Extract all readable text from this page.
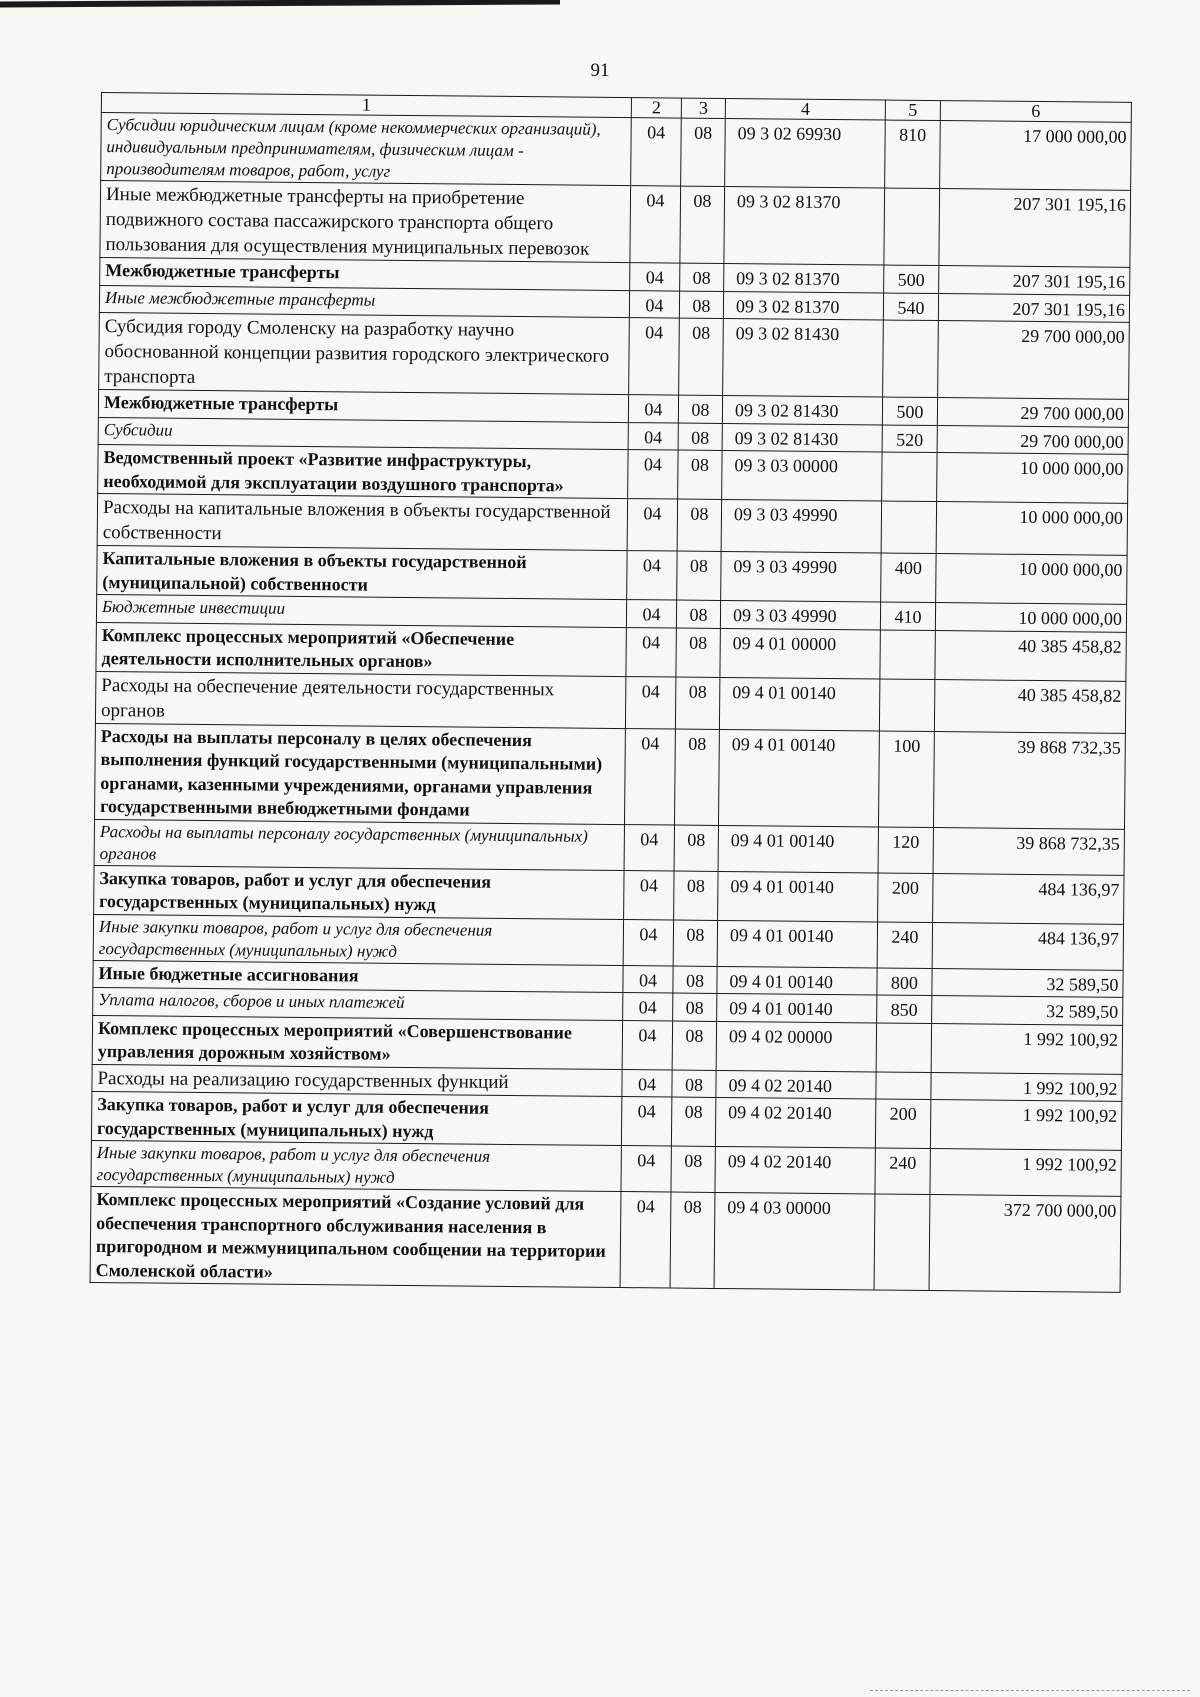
91
1	2	3	4	5	6
Субсидии юридическим лицам (кроме некоммерческих организаций), индивидуальным предпринимателям, физическим лицам - производителям товаров, работ, услуг	04	08	09 3 02 69930	810	17 000 000,00
Иные межбюджетные трансферты на приобретение подвижного состава пассажирского транспорта общего пользования для осуществления муниципальных перевозок	04	08	09 3 02 81370		207 301 195,16
Межбюджетные трансферты	04	08	09 3 02 81370	500	207 301 195,16
Иные межбюджетные трансферты	04	08	09 3 02 81370	540	207 301 195,16
Субсидия городу Смоленску на разработку научно обоснованной концепции развития городского электрического транспорта	04	08	09 3 02 81430		29 700 000,00
Межбюджетные трансферты	04	08	09 3 02 81430	500	29 700 000,00
Субсидии	04	08	09 3 02 81430	520	29 700 000,00
Ведомственный проект «Развитие инфраструктуры, необходимой для эксплуатации воздушного транспорта»	04	08	09 3 03 00000		10 000 000,00
Расходы на капитальные вложения в объекты государственной собственности	04	08	09 3 03 49990		10 000 000,00
Капитальные вложения в объекты государственной (муниципальной) собственности	04	08	09 3 03 49990	400	10 000 000,00
Бюджетные инвестиции	04	08	09 3 03 49990	410	10 000 000,00
Комплекс процессных мероприятий «Обеспечение деятельности исполнительных органов»	04	08	09 4 01 00000		40 385 458,82
Расходы на обеспечение деятельности государственных органов	04	08	09 4 01 00140		40 385 458,82
Расходы на выплаты персоналу в целях обеспечения выполнения функций государственными (муниципальными) органами, казенными учреждениями, органами управления государственными внебюджетными фондами	04	08	09 4 01 00140	100	39 868 732,35
Расходы на выплаты персоналу государственных (муниципальных) органов	04	08	09 4 01 00140	120	39 868 732,35
Закупка товаров, работ и услуг для обеспечения государственных (муниципальных) нужд	04	08	09 4 01 00140	200	484 136,97
Иные закупки товаров, работ и услуг для обеспечения государственных (муниципальных) нужд	04	08	09 4 01 00140	240	484 136,97
Иные бюджетные ассигнования	04	08	09 4 01 00140	800	32 589,50
Уплата налогов, сборов и иных платежей	04	08	09 4 01 00140	850	32 589,50
Комплекс процессных мероприятий «Совершенствование управления дорожным хозяйством»	04	08	09 4 02 00000		1 992 100,92
Расходы на реализацию государственных функций	04	08	09 4 02 20140		1 992 100,92
Закупка товаров, работ и услуг для обеспечения государственных (муниципальных) нужд	04	08	09 4 02 20140	200	1 992 100,92
Иные закупки товаров, работ и услуг для обеспечения государственных (муниципальных) нужд	04	08	09 4 02 20140	240	1 992 100,92
Комплекс процессных мероприятий «Создание условий для обеспечения транспортного обслуживания населения в пригородном и межмуниципальном сообщении на территории Смоленской области»	04	08	09 4 03 00000		372 700 000,00
